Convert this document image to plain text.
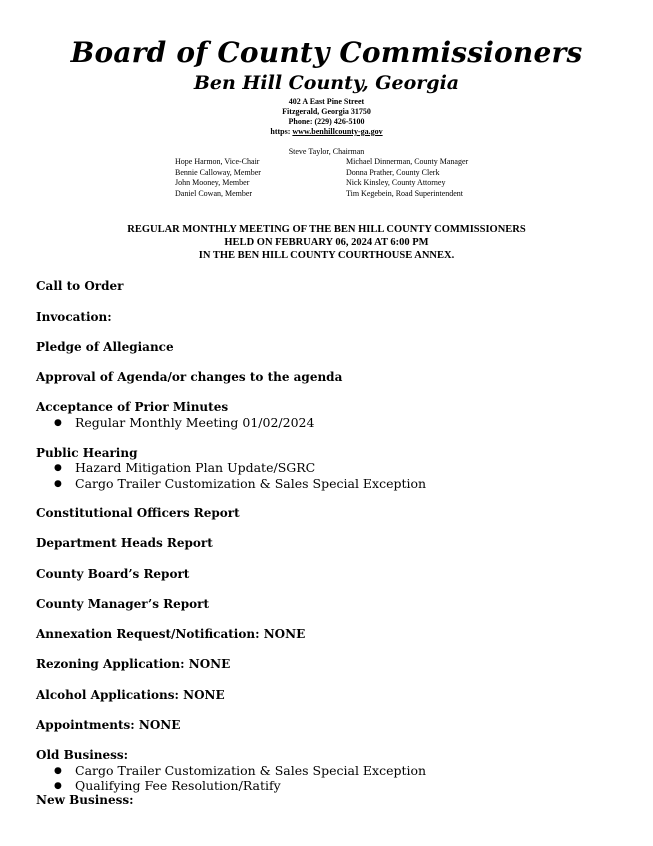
Board of County Commissioners
Ben Hill County, Georgia
402 A East Pine Street
Fitzgerald, Georgia 31750
Phone: (229) 426-5100
https: www.benhillcounty-ga.gov
Steve Taylor, Chairman
Hope Harmon, Vice-Chair
Bennie Calloway, Member
John Mooney, Member
Daniel Cowan, Member
Michael Dinnerman, County Manager
Donna Prather, County Clerk
Nick Kinsley, County Attorney
Tim Kegebein, Road Superintendent
REGULAR MONTHLY MEETING OF THE BEN HILL COUNTY COMMISSIONERS
HELD ON FEBRUARY 06, 2024 AT 6:00 PM
IN THE BEN HILL COUNTY COURTHOUSE ANNEX.
Call to Order
Invocation:
Pledge of Allegiance
Approval of Agenda/or changes to the agenda
Acceptance of Prior Minutes
● Regular Monthly Meeting 01/02/2024
Public Hearing
● Hazard Mitigation Plan Update/SGRC
● Cargo Trailer Customization & Sales Special Exception
Constitutional Officers Report
Department Heads Report
County Board’s Report
County Manager’s Report
Annexation Request/Notification: NONE
Rezoning Application: NONE
Alcohol Applications: NONE
Appointments: NONE
Old Business:
● Cargo Trailer Customization & Sales Special Exception
● Qualifying Fee Resolution/Ratify
New Business:
